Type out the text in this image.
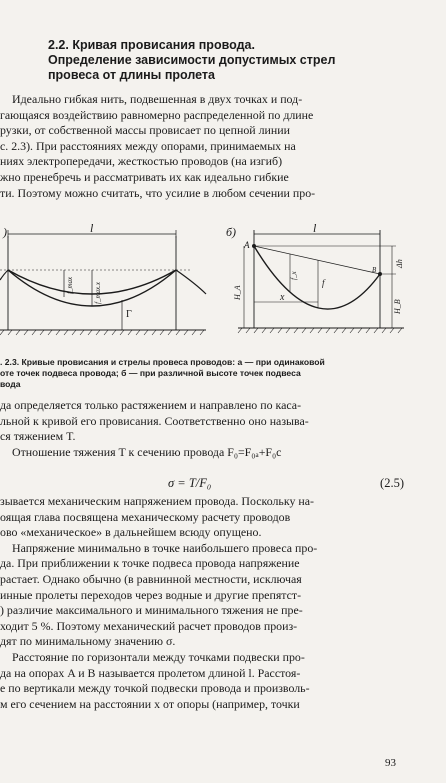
2.2. Кривая провисания провода.
Определение зависимости допустимых стрел
провеса от длины пролета
Идеально гибкая нить, подвешенная в двух точках и под-
гающаяся воздействию равномерно распределенной по длине
рузки, от собственной массы провисает по цепной линии
с. 2.3). При расстояниях между опорами, принимаемых на
ниях электропередачи, жесткостью проводов (на изгиб)
жно пренебречь и рассматривать их как идеально гибкие
ти. Поэтому можно считать, что усилие в любом сечении про-
)	l
f_max	f_max.x
Г
б)	l
A
B
Δh
f_x
f
x
H_A
H_B
. 2.3. Кривые провисания и стрелы провеса проводов: а — при одинаковой
оте точек подвеса провода; б — при различной высоте точек подвеса
вода
да определяется только растяжением и направлено по каса-
льной к кривой его провисания. Соответственно оно называ-
ся тяжением T.
Отношение тяжения T к сечению провода F₀=F₀ₐ+F₀с
σ = T/F₀	(2.5)
зывается механическим напряжением провода. Поскольку на-
оящая глава посвящена механическому расчету проводов
ово «механическое» в дальнейшем всюду опущено.
Напряжение минимально в точке наибольшего провеса про-
да. При приближении к точке подвеса провода напряжение
растает. Однако обычно (в равнинной местности, исключая
инные пролеты переходов через водные и другие препятст-
) различие максимального и минимального тяжения не пре-
ходит 5 %. Поэтому механический расчет проводов произ-
дят по минимальному значению σ.
Расстояние по горизонтали между точками подвески про-
да на опорах A и B называется пролетом длиной l. Расстоя-
е по вертикали между точкой подвески провода и произволь-
м его сечением на расстоянии x от опоры (например, точки
93
